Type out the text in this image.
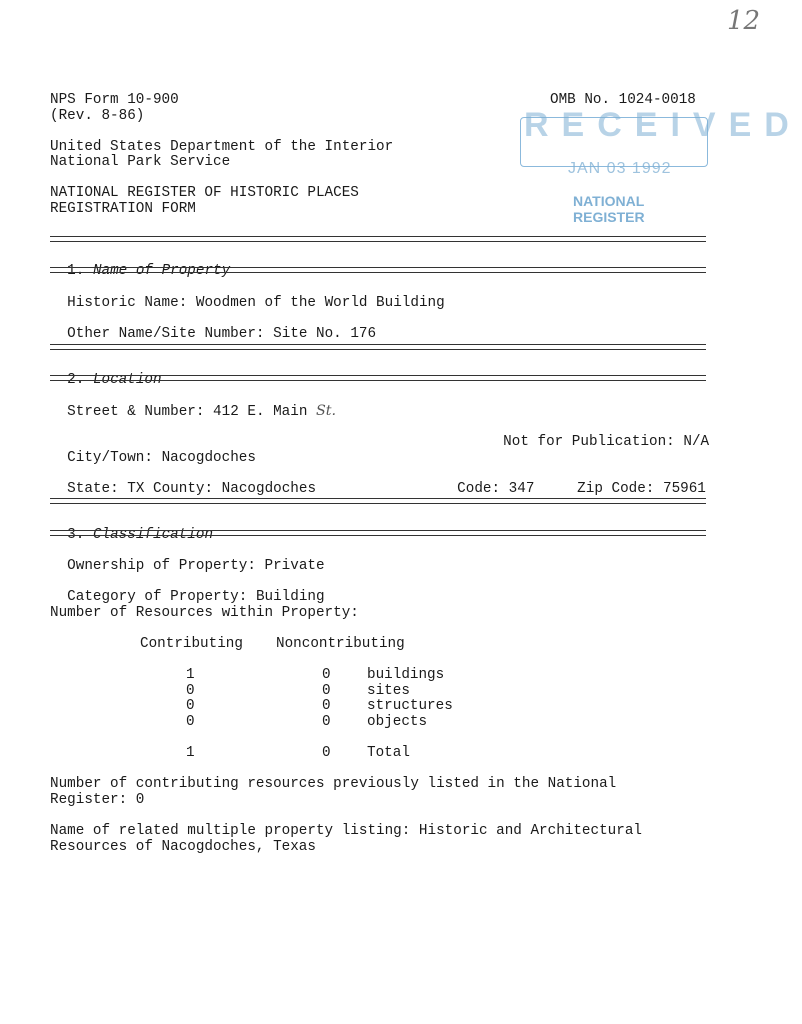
12
NPS Form 10-900
(Rev. 8-86)
OMB No. 1024-0018
United States Department of the Interior
National Park Service
NATIONAL REGISTER OF HISTORIC PLACES
REGISTRATION FORM
RECEIVED
JAN 03 1992
NATIONAL
REGISTER

1. Name of Property

Historic Name: Woodmen of the World Building

Other Name/Site Number: Site No. 176

2. Location

Street & Number: 412 E. Main St.

Not for Publication: N/A

City/Town: Nacogdoches

State: TX County: Nacogdoches	Code: 347	Zip Code: 75961

3. Classification

Ownership of Property: Private

Category of Property: Building

Number of Resources within Property:
Contributing Noncontributing
1	0	buildings
0	0	sites
0	0	structures
0	0	objects
1	0	Total
Number of contributing resources previously listed in the National
Register: 0
Name of related multiple property listing: Historic and Architectural
Resources of Nacogdoches, Texas
